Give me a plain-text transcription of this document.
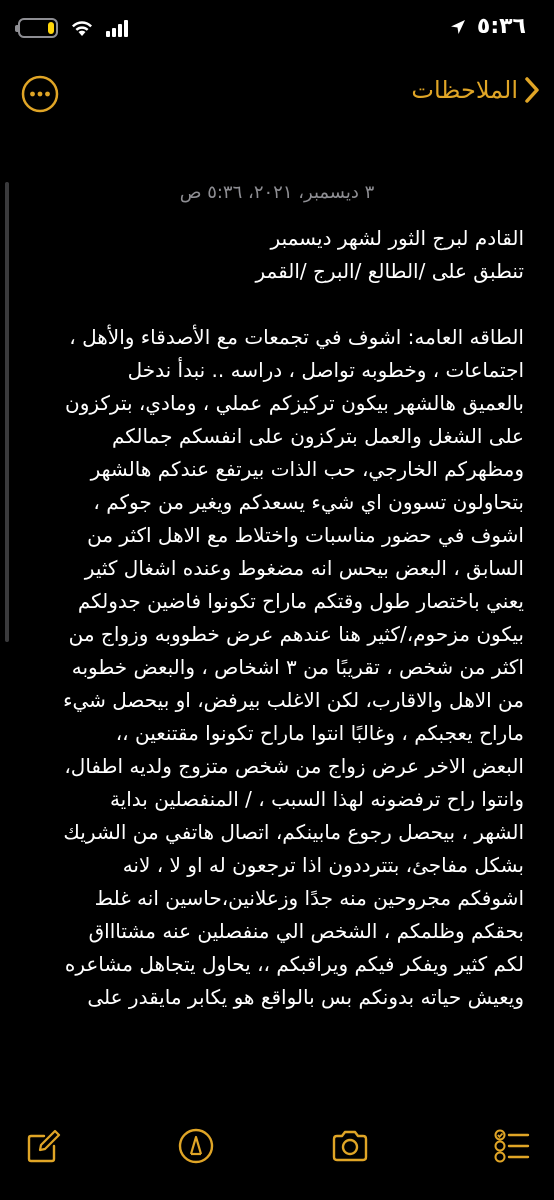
٥:٣٦
الملاحظات
٣ ديسمبر، ٢٠٢١، ٥:٣٦ ص

القادم لبرج الثور لشهر ديسمبر

تنطبق على /الطالع /البرج /القمر

الطاقه العامه: اشوف في تجمعات مع الأصدقاء والأهل ،

اجتماعات ، وخطوبه تواصل ، دراسه .. نبدأ ندخل

بالعميق هالشهر بيكون تركيزكم عملي ، ومادي، بتركزون

على الشغل والعمل بتركزون على انفسكم جمالكم

ومظهركم الخارجي، حب الذات بيرتفع عندكم هالشهر

بتحاولون تسوون اي شيء يسعدكم ويغير من جوكم ،

اشوف في حضور مناسبات واختلاط مع الاهل اكثر من

السابق ، البعض بيحس انه مضغوط وعنده اشغال كثير

يعني باختصار طول وقتكم ماراح تكونوا فاضين جدولكم

بيكون مزحوم،/كثير هنا عندهم عرض خطووبه وزواج من

اكثر من شخص ، تقريبًا من ٣ اشخاص ، والبعض خطوبه

من الاهل والاقارب، لكن الاغلب بيرفض، او بيحصل شيء

ماراح يعجبكم ، وغالبًا انتوا ماراح تكونوا مقتنعين ،،

البعض الاخر عرض زواج من شخص متزوج ولديه اطفال،

وانتوا راح ترفضونه لهذا السبب ، / المنفصلين بداية

الشهر ، بيحصل رجوع مابينكم، اتصال هاتفي من الشريك

بشكل مفاجئ، بتترددون اذا ترجعون له او لا ، لانه

اشوفكم مجروحين منه جدًا وزعلانين،حاسين انه غلط

بحقكم وظلمكم ، الشخص الي منفصلين عنه مشتاااق

لكم كثير ويفكر فيكم ويراقبكم ،، يحاول يتجاهل مشاعره

ويعيش حياته بدونكم بس بالواقع هو يكابر مايقدر على
